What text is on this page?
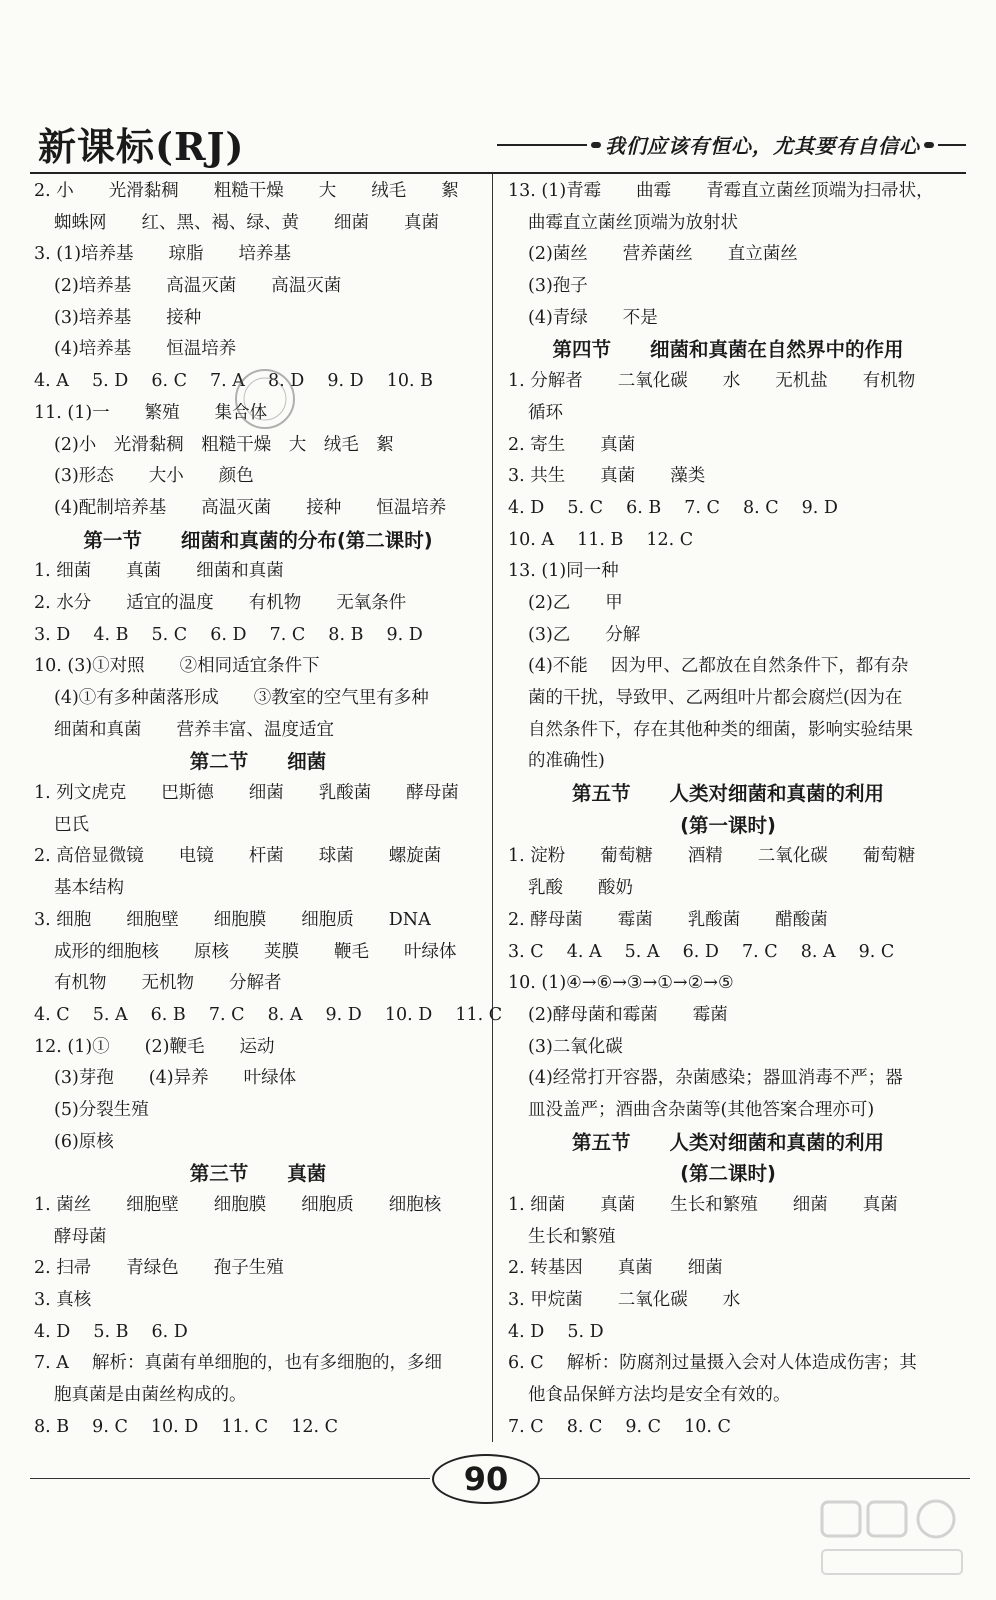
新课标(RJ)	我们应该有恒心，尤其要有自信心
2. 小　　光滑黏稠　　粗糙干燥　　大　　绒毛　　絮
蜘蛛网　　红、黑、褐、绿、黄　　细菌　　真菌
3. (1)培养基　　琼脂　　培养基
(2)培养基　　高温灭菌　　高温灭菌
(3)培养基　　接种
(4)培养基　　恒温培养
4. A　 5. D　 6. C　 7. A　 8. D　 9. D　 10. B
11. (1)一　　繁殖　　集合体
(2)小　光滑黏稠　粗糙干燥　大　绒毛　絮
(3)形态　　大小　　颜色
(4)配制培养基　　高温灭菌　　接种　　恒温培养
第一节　　细菌和真菌的分布(第二课时)
1. 细菌　　真菌　　细菌和真菌
2. 水分　　适宜的温度　　有机物　　无氧条件
3. D　 4. B　 5. C　 6. D　 7. C　 8. B　 9. D
10. (3)①对照　　②相同适宜条件下
(4)①有多种菌落形成　　③教室的空气里有多种
细菌和真菌　　营养丰富、温度适宜
第二节　　细菌
1. 列文虎克　　巴斯德　　细菌　　乳酸菌　　酵母菌
巴氏
2. 高倍显微镜　　电镜　　杆菌　　球菌　　螺旋菌
基本结构
3. 细胞　　细胞壁　　细胞膜　　细胞质　　DNA
成形的细胞核　　原核　　荚膜　　鞭毛　　叶绿体
有机物　　无机物　　分解者
4. C　 5. A　 6. B　 7. C　 8. A　 9. D　 10. D　 11. C
12. (1)①　　(2)鞭毛　　运动
(3)芽孢　　(4)异养　　叶绿体
(5)分裂生殖
(6)原核
第三节　　真菌
1. 菌丝　　细胞壁　　细胞膜　　细胞质　　细胞核
酵母菌
2. 扫帚　　青绿色　　孢子生殖
3. 真核
4. D　 5. B　 6. D
7. A　 解析：真菌有单细胞的，也有多细胞的，多细
胞真菌是由菌丝构成的。
8. B　 9. C　 10. D　 11. C　 12. C
13. (1)青霉　　曲霉　　青霉直立菌丝顶端为扫帚状，
曲霉直立菌丝顶端为放射状
(2)菌丝　　营养菌丝　　直立菌丝
(3)孢子
(4)青绿　　不是
第四节　　细菌和真菌在自然界中的作用
1. 分解者　　二氧化碳　　水　　无机盐　　有机物
循环
2. 寄生　　真菌
3. 共生　　真菌　　藻类
4. D　 5. C　 6. B　 7. C　 8. C　 9. D
10. A　 11. B　 12. C
13. (1)同一种
(2)乙　　甲
(3)乙　　分解
(4)不能　 因为甲、乙都放在自然条件下，都有杂
菌的干扰，导致甲、乙两组叶片都会腐烂(因为在
自然条件下，存在其他种类的细菌，影响实验结果
的准确性)
第五节　　人类对细菌和真菌的利用
(第一课时)
1. 淀粉　　葡萄糖　　酒精　　二氧化碳　　葡萄糖
乳酸　　酸奶
2. 酵母菌　　霉菌　　乳酸菌　　醋酸菌
3. C　 4. A　 5. A　 6. D　 7. C　 8. A　 9. C
10. (1)④→⑥→③→①→②→⑤
(2)酵母菌和霉菌　　霉菌
(3)二氧化碳
(4)经常打开容器，杂菌感染；器皿消毒不严；器
皿没盖严；酒曲含杂菌等(其他答案合理亦可)
第五节　　人类对细菌和真菌的利用
(第二课时)
1. 细菌　　真菌　　生长和繁殖　　细菌　　真菌
生长和繁殖
2. 转基因　　真菌　　细菌
3. 甲烷菌　　二氧化碳　　水
4. D　 5. D
6. C　 解析：防腐剂过量摄入会对人体造成伤害；其
他食品保鲜方法均是安全有效的。
7. C　 8. C　 9. C　 10. C
90
